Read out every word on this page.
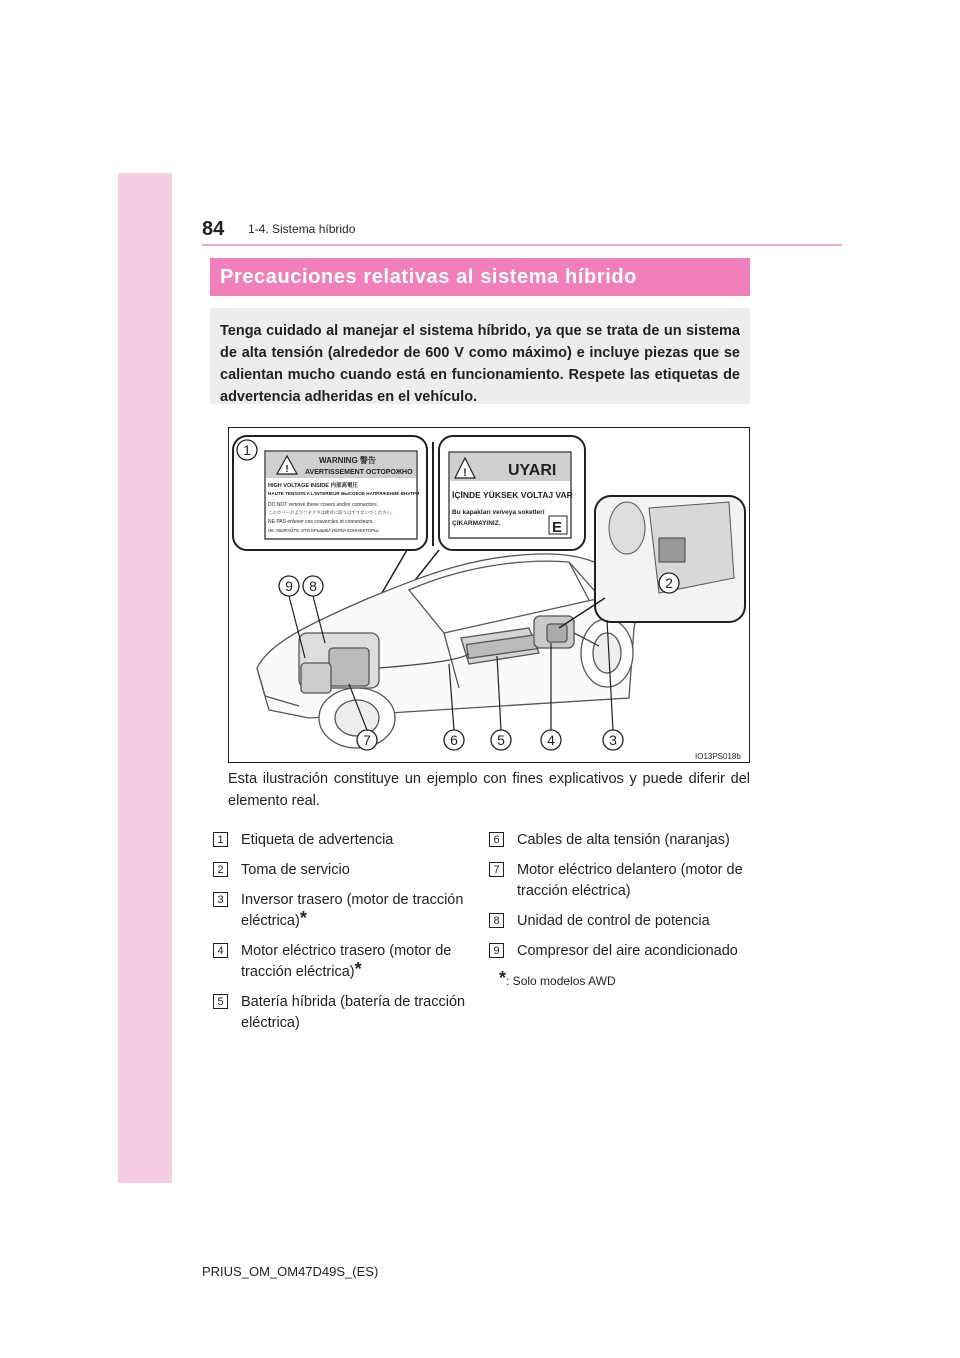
84 1-4. Sistema híbrido
Precauciones relativas al sistema híbrido
Tenga cuidado al manejar el sistema híbrido, ya que se trata de un sistema de alta tensión (alrededor de 600 V como máximo) e incluye piezas que se calientan mucho cuando está en funcionamiento. Respete las etiquetas de advertencia adheridas en el vehículo.
!
WARNING 警告
AVERTISSEMENT ОСТОРОЖНО
HIGH VOLTAGE INSIDE 内部高電圧
HAUTE TENSION A L'INTERIEUR ВЫСОКОЕ НАПРЯЖЕНИЕ ВНУТРИ
DO NOT remove these covers and/or connectors.
このカバーおよびコネクタは絶対に取りはずさないでください。
NE PAS enlever ces couvercles et connecteurs.
НЕ УБИРАЙТЕ ЭТИ КРЫШКИ И/ИЛИ КОННЕКТОРЫ.
!	UYARI
İÇİNDE YÜKSEK VOLTAJ VAR
Bu kapakları ve/veya soketleri
ÇIKARMAYINIZ.	E
1
2
3
4
5
6
7
8
9
IO13PS018b
Esta ilustración constituye un ejemplo con fines explicativos y puede diferir del elemento real.
1	Etiqueta de advertencia
2	Toma de servicio
3	Inversor trasero (motor de tracción eléctrica)*
4	Motor eléctrico trasero (motor de tracción eléctrica)*
5	Batería híbrida (batería de tracción eléctrica)
6	Cables de alta tensión (naranjas)
7	Motor eléctrico delantero (motor de tracción eléctrica)
8	Unidad de control de potencia
9	Compresor del aire acondicionado
*: Solo modelos AWD
PRIUS_OM_OM47D49S_(ES)
